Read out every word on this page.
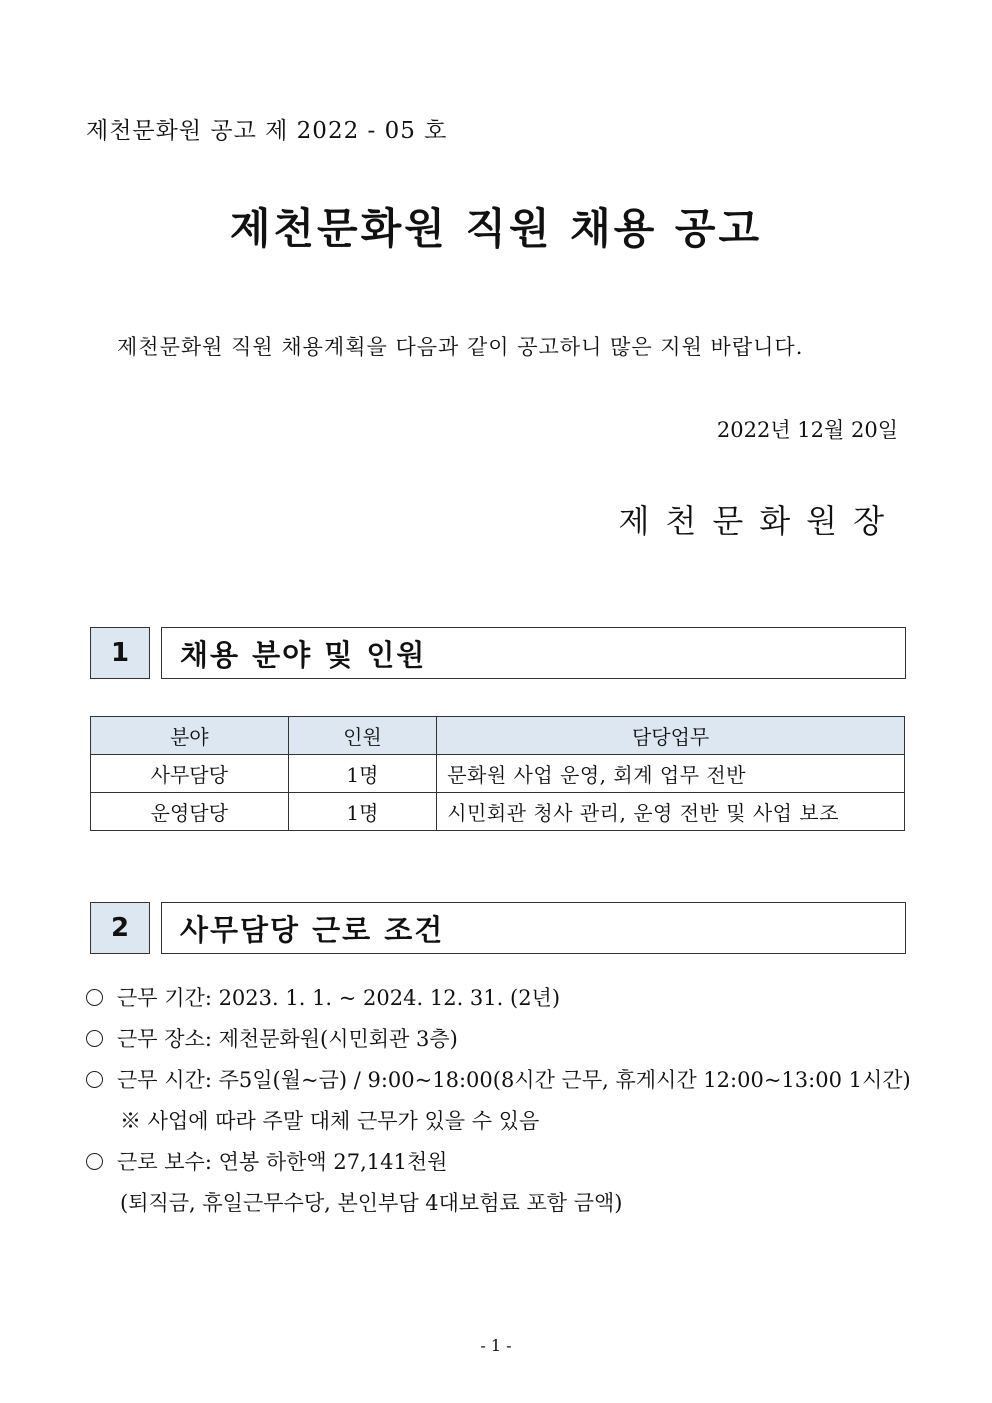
제천문화원 공고 제 2022 - 05 호
제천문화원 직원 채용 공고
제천문화원 직원 채용계획을 다음과 같이 공고하니 많은 지원 바랍니다.
2022년 12월 20일
제천문화원장
1	채용 분야 및 인원
분야	인원	담당업무
사무담당	1명	문화원 사업 운영, 회계 업무 전반
운영담당	1명	시민회관 청사 관리, 운영 전반 및 사업 보조
2	사무담당 근로 조건
근무 기간: 2023. 1. 1. ~ 2024. 12. 31. (2년)
근무 장소: 제천문화원(시민회관 3층)
근무 시간: 주5일(월~금) / 9:00~18:00(8시간 근무, 휴게시간 12:00~13:00 1시간)
※ 사업에 따라 주말 대체 근무가 있을 수 있음
근로 보수: 연봉 하한액 27,141천원
(퇴직금, 휴일근무수당, 본인부담 4대보험료 포함 금액)
- 1 -
